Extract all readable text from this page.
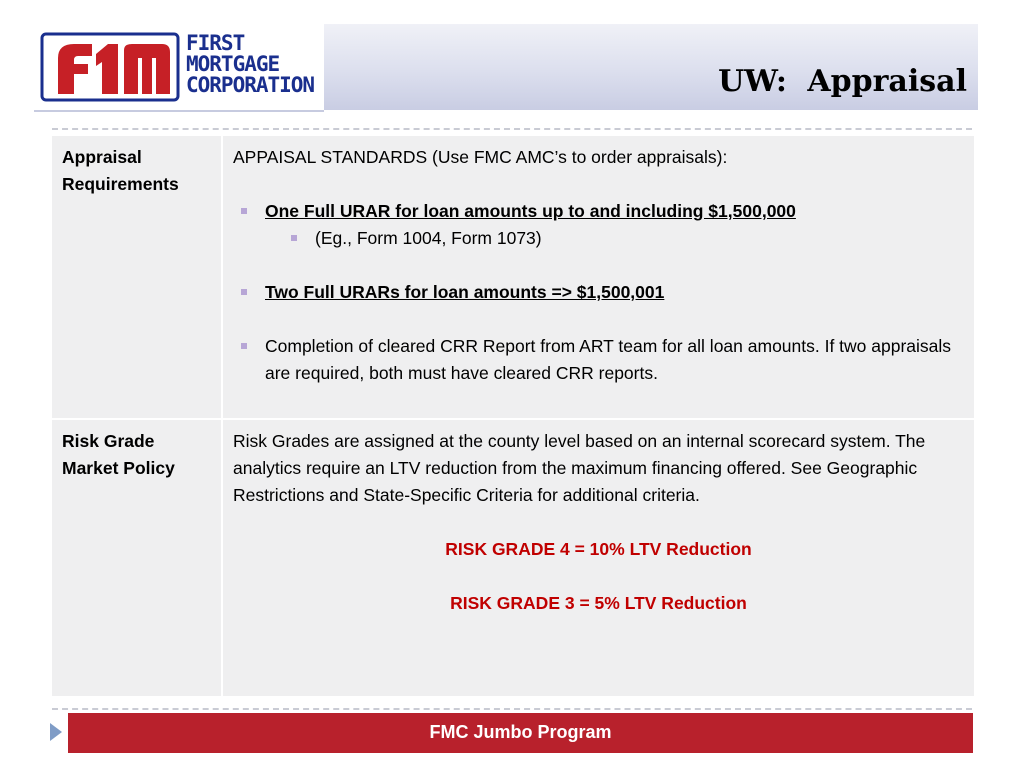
FIRST
MORTGAGE
CORPORATION	UW: Appraisal
Appraisal Requirements	APPAISAL STANDARDS (Use FMC AMC’s to order appraisals):

One Full URAR for loan amounts up to and including $1,500,000
(Eg., Form 1004, Form 1073)
Two Full URARs for loan amounts => $1,500,001
Completion of cleared CRR Report from ART team for all loan amounts. If two appraisals are required, both must have cleared CRR reports.

Risk Grade Market Policy	Risk Grades are assigned at the county level based on an internal scorecard system. The analytics require an LTV reduction from the maximum financing offered. See Geographic Restrictions and State-Specific Criteria for additional criteria.

RISK GRADE 4 = 10% LTV Reduction

RISK GRADE 3 = 5% LTV Reduction

FMC Jumbo Program
